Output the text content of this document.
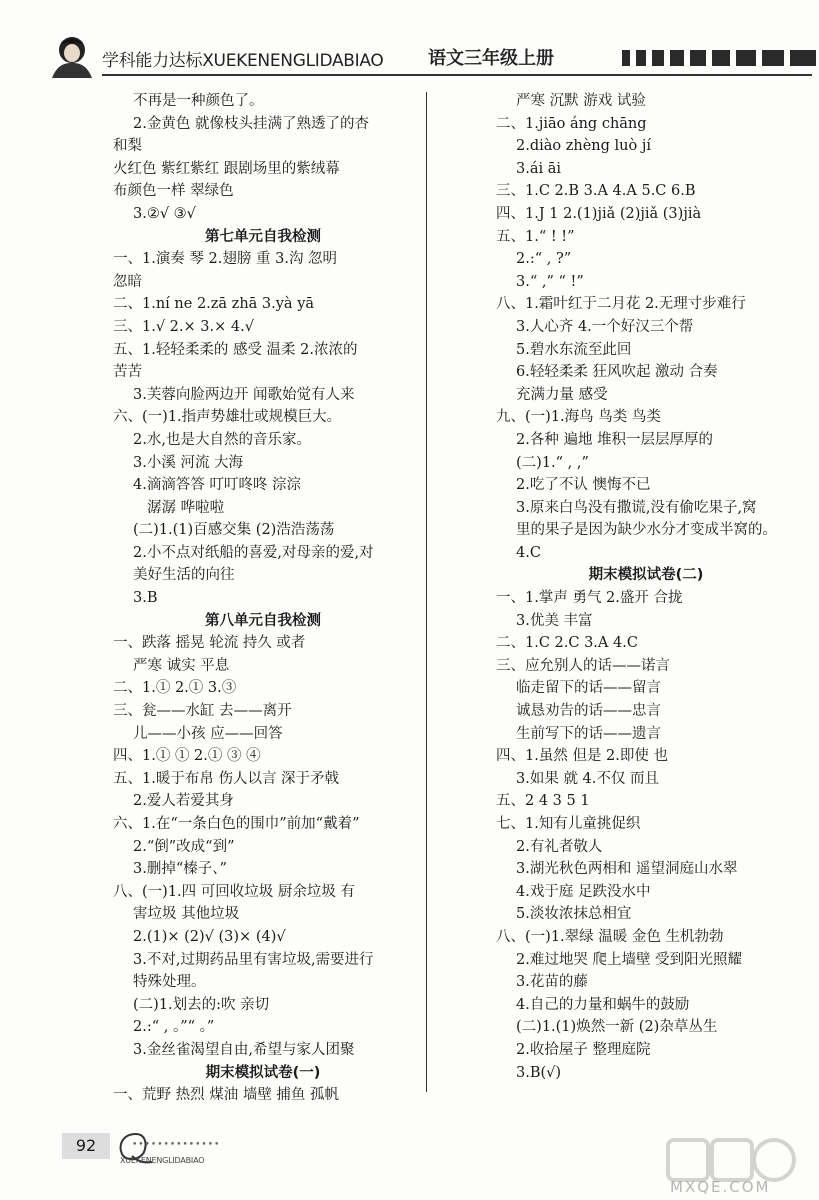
学科能力达标XUEKENENGLIDABIAO 语文三年级上册
不再是一种颜色了。
2.金黄色 就像枝头挂满了熟透了的杏
和梨
火红色 紫红紫红 跟剧场里的紫绒幕
布颜色一样 翠绿色
3.②√ ③√
第七单元自我检测
一、1.演奏 琴 2.翅膀 重 3.沟 忽明
忽暗
二、1.ní ne 2.zā zhā 3.yà yā
三、1.√ 2.× 3.× 4.√
五、1.轻轻柔柔的 感受 温柔 2.浓浓的
苦苦
3.芙蓉向脸两边开 闻歌始觉有人来
六、(一)1.指声势雄壮或规模巨大。
2.水,也是大自然的音乐家。
3.小溪 河流 大海
4.滴滴答答 叮叮咚咚 淙淙
潺潺 哗啦啦
(二)1.(1)百感交集 (2)浩浩荡荡
2.小不点对纸船的喜爱,对母亲的爱,对
美好生活的向往
3.B
第八单元自我检测
一、跌落 摇晃 轮流 持久 或者
严寒 诚实 平息
二、1.① 2.① 3.③
三、瓮——水缸 去——离开
儿——小孩 应——回答
四、1.① ① 2.① ③ ④
五、1.暖于布帛 伤人以言 深于矛戟
2.爱人若爱其身
六、1.在“一条白色的围巾”前加“戴着”
2.“倒”改成“到”
3.删掉“榛子、”
八、(一)1.四 可回收垃圾 厨余垃圾 有
害垃圾 其他垃圾
2.(1)× (2)√ (3)× (4)√
3.不对,过期药品里有害垃圾,需要进行
特殊处理。
(二)1.划去的:吹 亲切
2.:“ , 。”“ 。”
3.金丝雀渴望自由,希望与家人团聚
期末模拟试卷(一)
一、荒野 热烈 煤油 墙壁 捕鱼 孤帆
严寒 沉默 游戏 试验
二、1.jiāo áng chāng
2.diào zhèng luò jí
3.ái āi
三、1.C 2.B 3.A 4.A 5.C 6.B
四、1.J 1 2.(1)jiǎ (2)jiǎ (3)jià
五、1.“ ! !”
2.:“ , ?”
3.“ ,” “ !”
八、1.霜叶红于二月花 2.无理寸步难行
3.人心齐 4.一个好汉三个帮
5.碧水东流至此回
6.轻轻柔柔 狂风吹起 激动 合奏
充满力量 感受
九、(一)1.海鸟 鸟类 鸟类
2.各种 遍地 堆积一层层厚厚的
(二)1.“ , ,”
2.吃了不认 懊悔不已
3.原来白鸟没有撒谎,没有偷吃果子,窝
里的果子是因为缺少水分才变成半窝的。
4.C
期末模拟试卷(二)
一、1.掌声 勇气 2.盛开 合拢
3.优美 丰富
二、1.C 2.C 3.A 4.C
三、应允别人的话——诺言
临走留下的话——留言
诚恳劝告的话——忠言
生前写下的话——遗言
四、1.虽然 但是 2.即使 也
3.如果 就 4.不仅 而且
五、2 4 3 5 1
七、1.知有儿童挑促织
2.有礼者敬人
3.湖光秋色两相和 遥望洞庭山水翠
4.戏于庭 足跌没水中
5.淡妆浓抹总相宜
八、(一)1.翠绿 温暖 金色 生机勃勃
2.难过地哭 爬上墙壁 受到阳光照耀
3.花苗的藤
4.自己的力量和蜗牛的鼓励
(二)1.(1)焕然一新 (2)杂草丛生
2.收拾屋子 整理庭院
3.B(√)
92	••••••••••••••
XUEKENENGLIDABIAO
MXQE.COM
